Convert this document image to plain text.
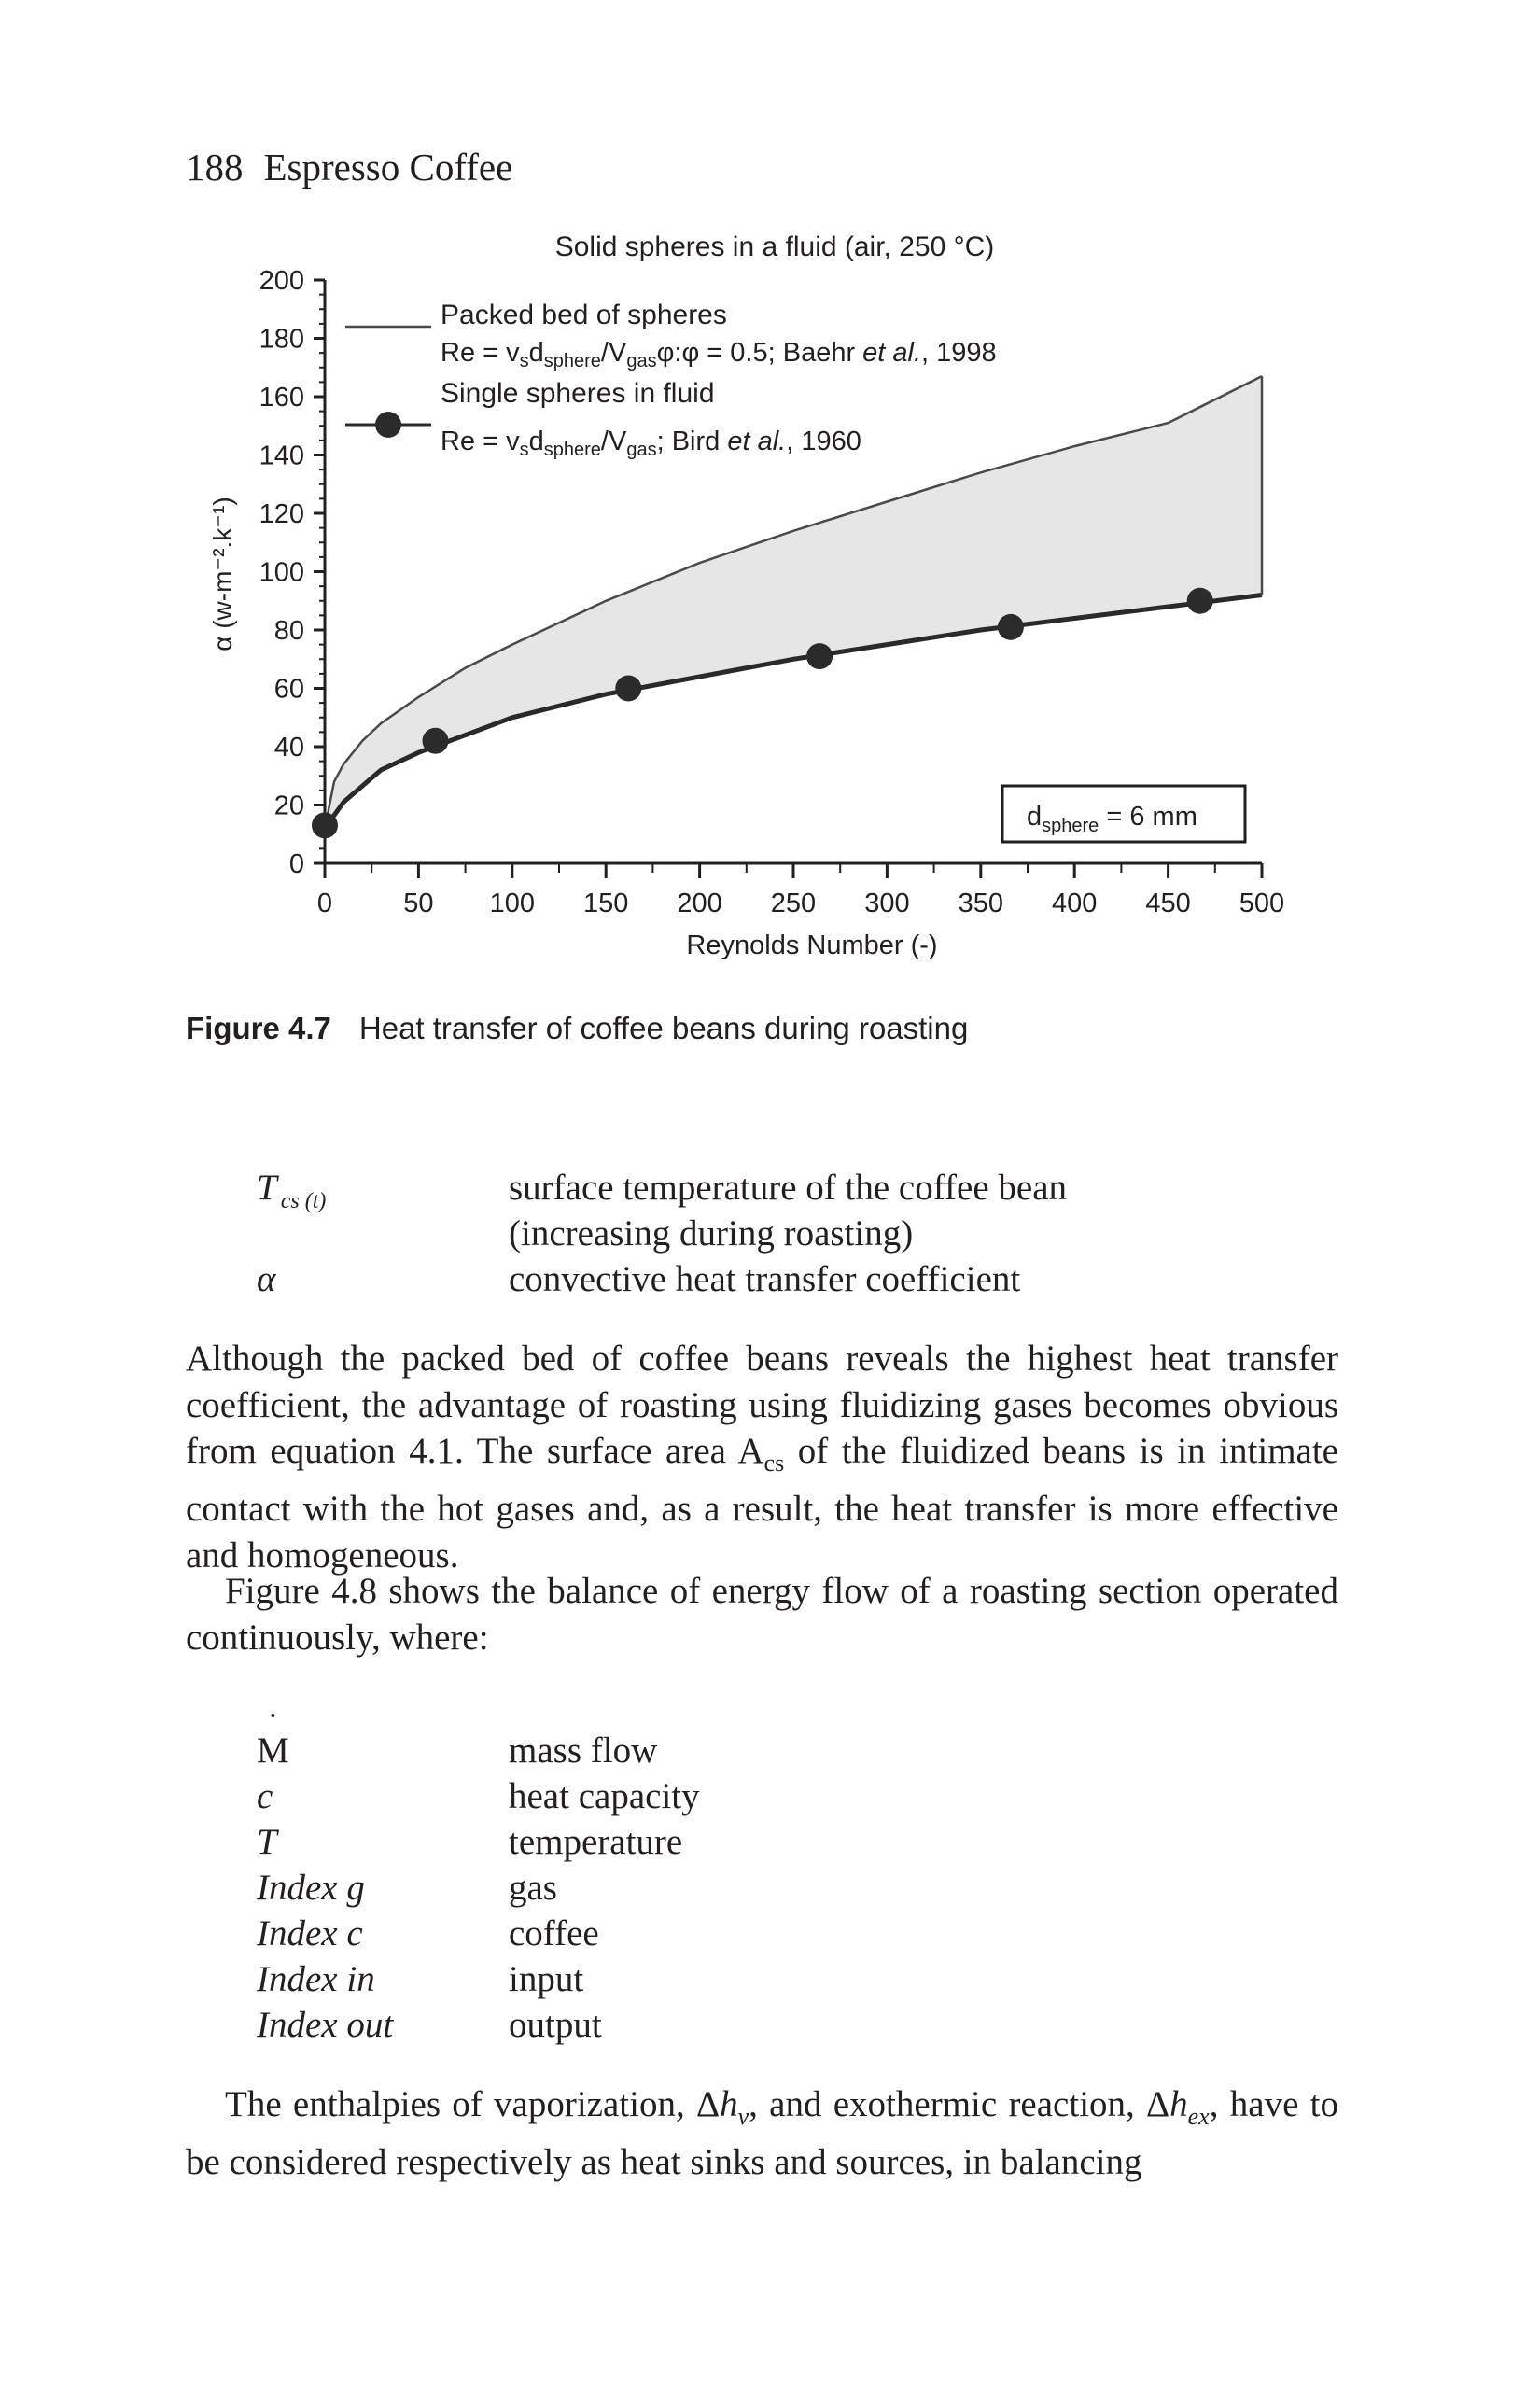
188 Espresso Coffee
Solid spheres in a fluid (air, 250 °C)
0
20
40
60
80
100
120
140
160
180
200
0	50 100 150 200 250 300 350 400 450 500
α (w-m⁻².k⁻¹)
Reynolds Number (-)
Packed bed of spheres
$Re = v_sd_{sphere}/V_{gas}\varphi:\varphi = 0.5$; Baehr et al., 1998
Single spheres in fluid
$Re = v_sd_{sphere}/V_{gas}$; Bird et al., 1960
$d_{sphere} = 6$ mm
Figure 4.7 Heat transfer of coffee beans during roasting
T $_{cs (t)}$	surface temperature of the coffee bean
(increasing during roasting)
α	convective heat transfer coefficient
Although the packed bed of coffee beans reveals the highest heat transfer coefficient, the advantage of roasting using fluidizing gases becomes obvious from equation 4.1. The surface area $A_{cs}$ of the fluidized beans is in intimate contact with the hot gases and, as a result, the heat transfer is more effective and homogeneous.
Figure 4.8 shows the balance of energy flow of a roasting section operated continuously, where:
˙ M	mass flow
c	heat capacity
T	temperature
Index g	gas
Index c	coffee
Index in	input
Index out	output
The enthalpies of vaporization, $\Delta h_v$, and exothermic reaction, $\Delta h_{ex}$, have to be considered respectively as heat sinks and sources, in balancing
